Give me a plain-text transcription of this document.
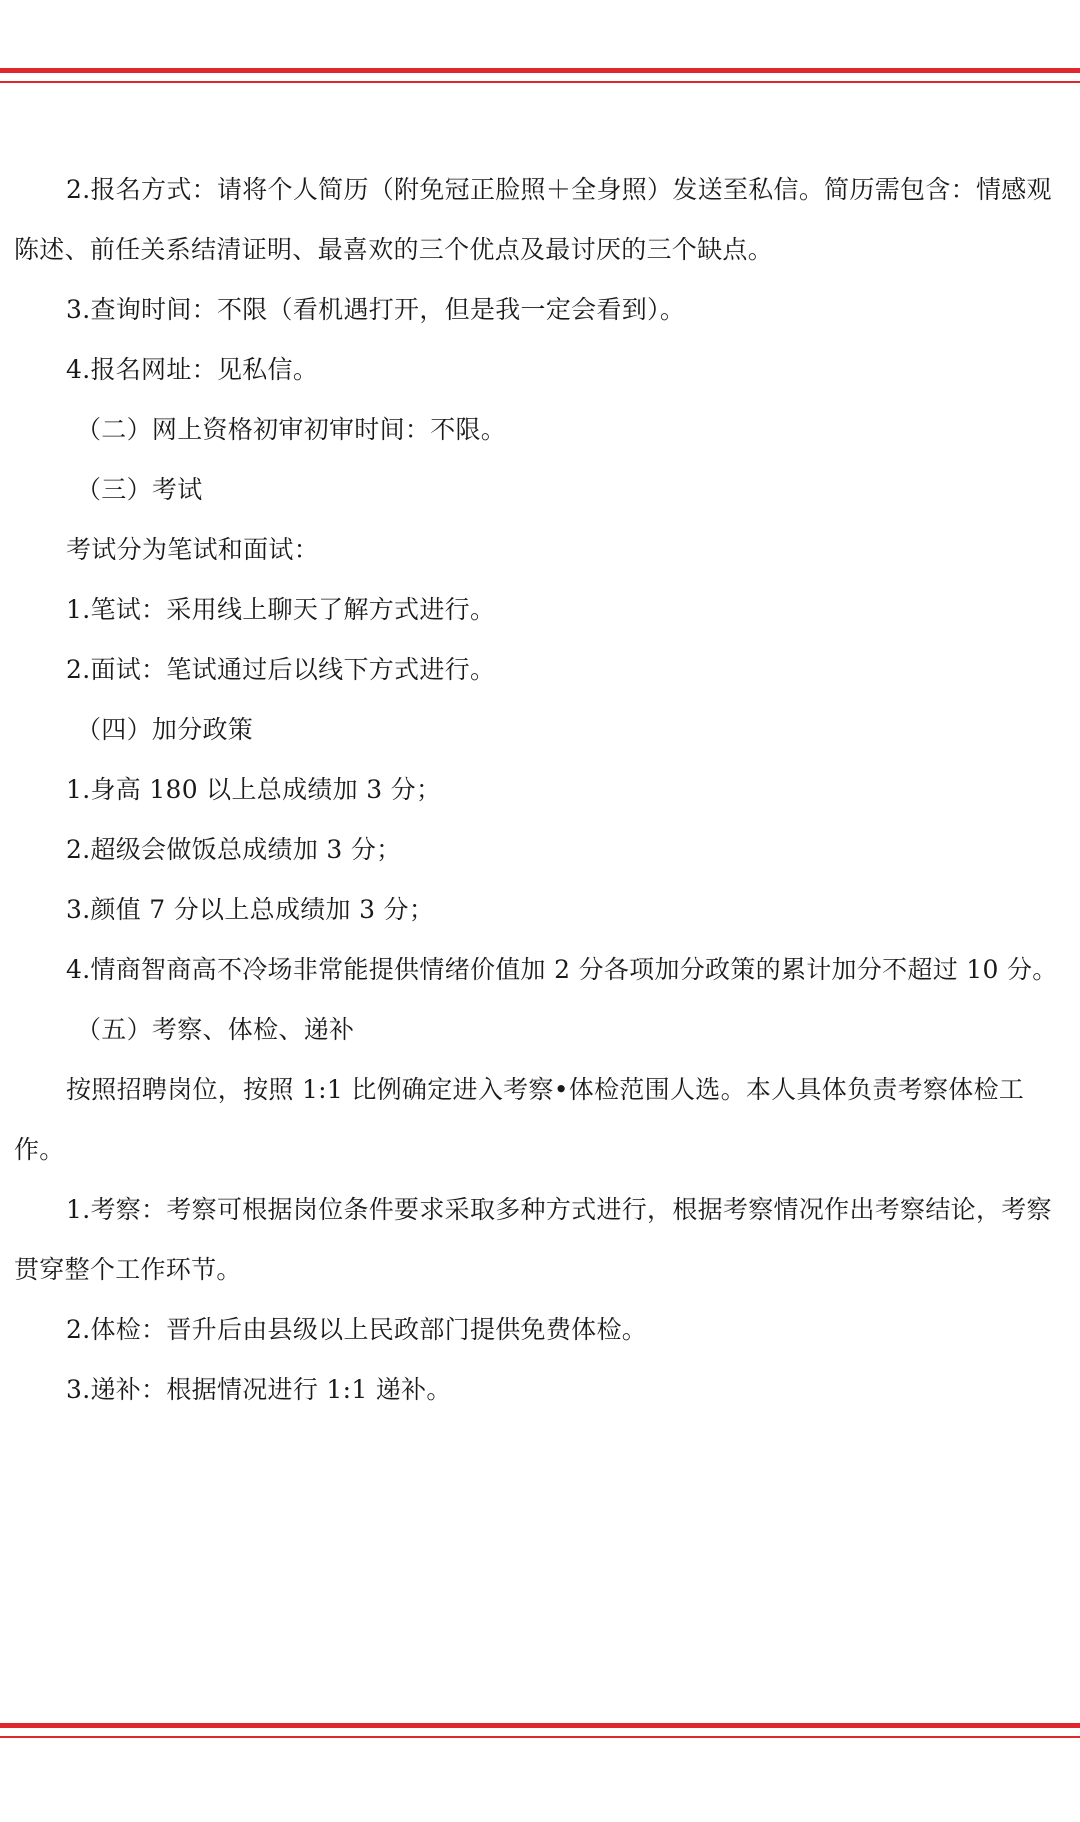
2.报名方式：请将个人简历（附免冠正脸照＋全身照）发送至私信。简历需包含：情感观陈述、前任关系结清证明、最喜欢的三个优点及最讨厌的三个缺点。

3.查询时间：不限（看机遇打开，但是我一定会看到）。

4.报名网址：见私信。

（二）网上资格初审初审时间：不限。

（三）考试

考试分为笔试和面试：

1.笔试：采用线上聊天了解方式进行。

2.面试：笔试通过后以线下方式进行。

（四）加分政策

1.身高 180 以上总成绩加 3 分；

2.超级会做饭总成绩加 3 分；

3.颜值 7 分以上总成绩加 3 分；

4.情商智商高不冷场非常能提供情绪价值加 2 分各项加分政策的累计加分不超过 10 分。

（五）考察、体检、递补

按照招聘岗位，按照 1:1 比例确定进入考察•体检范围人选。本人具体负责考察体检工作。

1.考察：考察可根据岗位条件要求采取多种方式进行，根据考察情况作出考察结论，考察贯穿整个工作环节。

2.体检：晋升后由县级以上民政部门提供免费体检。

3.递补：根据情况进行 1:1 递补。
